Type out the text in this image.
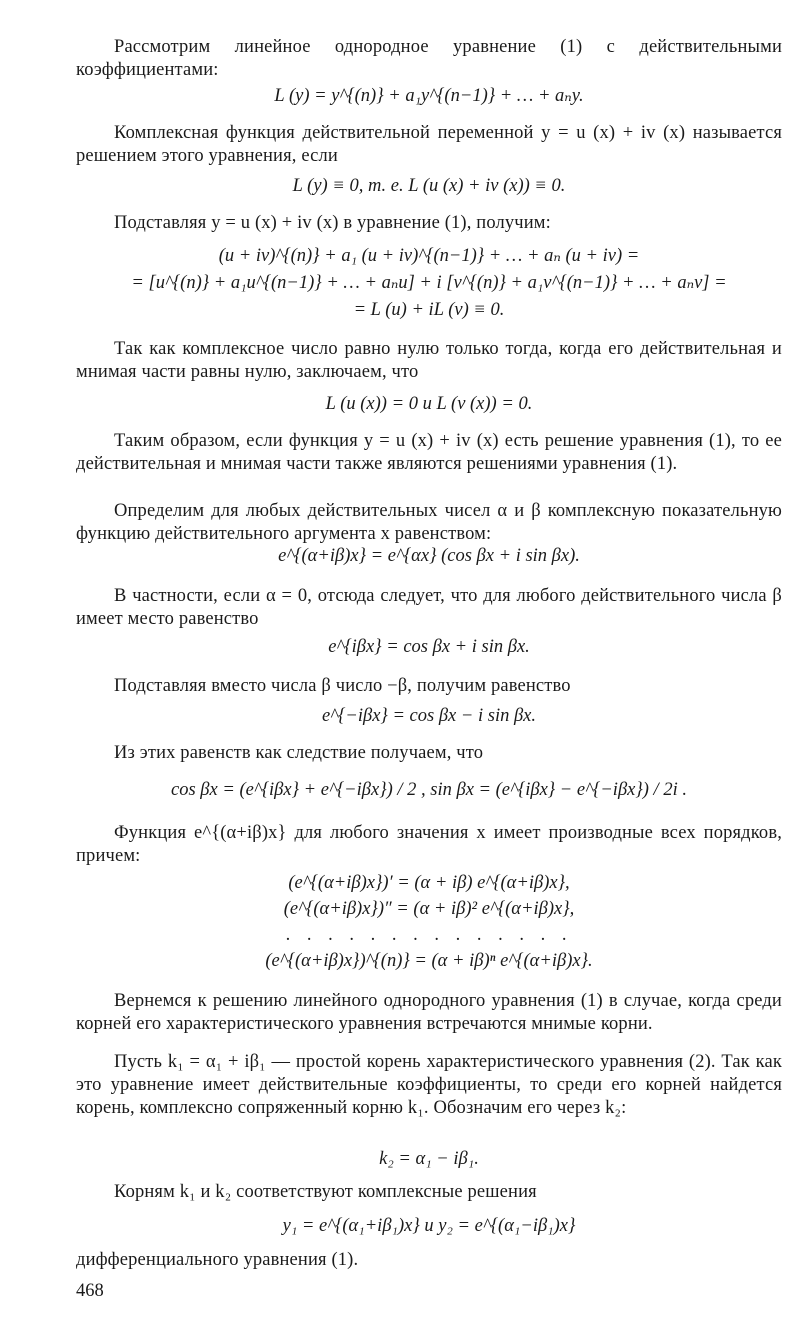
Рассмотрим линейное однородное уравнение (1) с действительными коэффициентами:

L (y) = y^{(n)} + a₁y^{(n−1)} + … + aₙy.

Комплексная функция действительной переменной y = u (x) + iv (x) называется решением этого уравнения, если

L (y) ≡ 0, т. е. L (u (x) + iv (x)) ≡ 0.

Подставляя y = u (x) + iv (x) в уравнение (1), получим:

(u + iv)^{(n)} + a₁ (u + iv)^{(n−1)} + … + aₙ (u + iv) =
= [u^{(n)} + a₁u^{(n−1)} + … + aₙu] + i [v^{(n)} + a₁v^{(n−1)} + … + aₙv] =
= L (u) + iL (v) ≡ 0.

Так как комплексное число равно нулю только тогда, когда его действительная и мнимая части равны нулю, заключаем, что

L (u (x)) = 0 и L (v (x)) = 0.

Таким образом, если функция y = u (x) + iv (x) есть решение уравнения (1), то ее действительная и мнимая части также являются решениями уравнения (1).

Определим для любых действительных чисел α и β комплексную показательную функцию действительного аргумента x равенством:

e^{(α+iβ)x} = e^{αx} (cos βx + i sin βx).

В частности, если α = 0, отсюда следует, что для любого действительного числа β имеет место равенство

e^{iβx} = cos βx + i sin βx.

Подставляя вместо числа β число −β, получим равенство

e^{−iβx} = cos βx − i sin βx.

Из этих равенств как следствие получаем, что

cos βx = (e^{iβx} + e^{−iβx}) / 2 , sin βx = (e^{iβx} − e^{−iβx}) / 2i .

Функция e^{(α+iβ)x} для любого значения x имеет производные всех порядков, причем:

(e^{(α+iβ)x})′ = (α + iβ) e^{(α+iβ)x},
(e^{(α+iβ)x})″ = (α + iβ)² e^{(α+iβ)x},
. . . . . . . . . . . . . .
(e^{(α+iβ)x})^{(n)} = (α + iβ)ⁿ e^{(α+iβ)x}.

Вернемся к решению линейного однородного уравнения (1) в случае, когда среди корней его характеристического уравнения встречаются мнимые корни.

Пусть k₁ = α₁ + iβ₁ — простой корень характеристического уравнения (2). Так как это уравнение имеет действительные коэффициенты, то среди его корней найдется корень, комплексно сопряженный корню k₁. Обозначим его через k₂:

k₂ = α₁ − iβ₁.

Корням k₁ и k₂ соответствуют комплексные решения

y₁ = e^{(α₁+iβ₁)x} и y₂ = e^{(α₁−iβ₁)x}

дифференциального уравнения (1).

468
